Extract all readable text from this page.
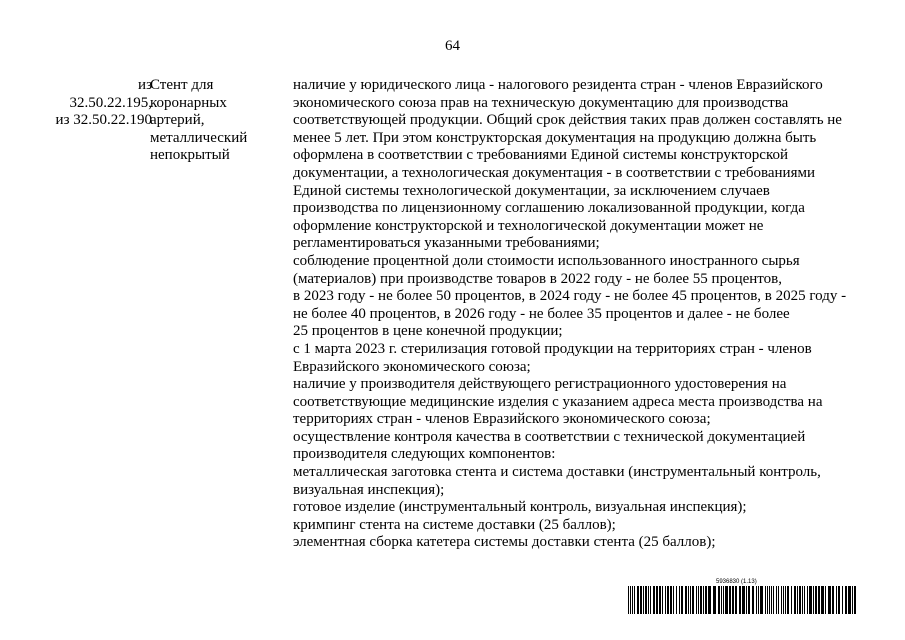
64
из
32.50.22.195,
из 32.50.22.190
Стент для
коронарных
артерий,
металлический
непокрытый
наличие у юридического лица - налогового резидента стран - членов Евразийского
экономического союза прав на техническую документацию для производства
соответствующей продукции. Общий срок действия таких прав должен составлять не
менее 5 лет. При этом конструкторская документация на продукцию должна быть
оформлена в соответствии с требованиями Единой системы конструкторской
документации, а технологическая документация - в соответствии с требованиями
Единой системы технологической документации, за исключением случаев
производства по лицензионному соглашению локализованной продукции, когда
оформление конструкторской и технологической документации может не
регламентироваться указанными требованиями;
соблюдение процентной доли стоимости использованного иностранного сырья
(материалов) при производстве товаров в 2022 году - не более 55 процентов,
в 2023 году - не более 50 процентов, в 2024 году - не более 45 процентов, в 2025 году -
не более 40 процентов, в 2026 году - не более 35 процентов и далее - не более
25 процентов в цене конечной продукции;
с 1 марта 2023 г. стерилизация готовой продукции на территориях стран - членов
Евразийского экономического союза;
наличие у производителя действующего регистрационного удостоверения на
соответствующие медицинские изделия с указанием адреса места производства на
территориях стран - членов Евразийского экономического союза;
осуществление контроля качества в соответствии с технической документацией
производителя следующих компонентов:
металлическая заготовка стента и система доставки (инструментальный контроль,
визуальная инспекция);
готовое изделие (инструментальный контроль, визуальная инспекция);
кримпинг стента на системе доставки (25 баллов);
элементная сборка катетера системы доставки стента (25 баллов);
5936830 (1.13)
